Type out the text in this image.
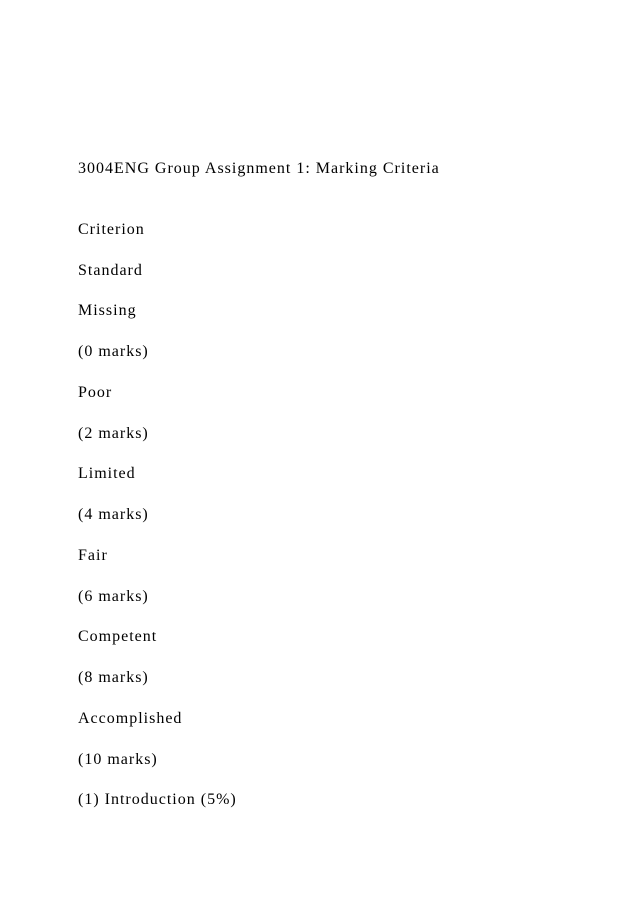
3004ENG Group Assignment 1: Marking Criteria
Criterion
Standard
Missing
(0 marks)
Poor
(2 marks)
Limited
(4 marks)
Fair
(6 marks)
Competent
(8 marks)
Accomplished
(10 marks)
(1) Introduction (5%)
